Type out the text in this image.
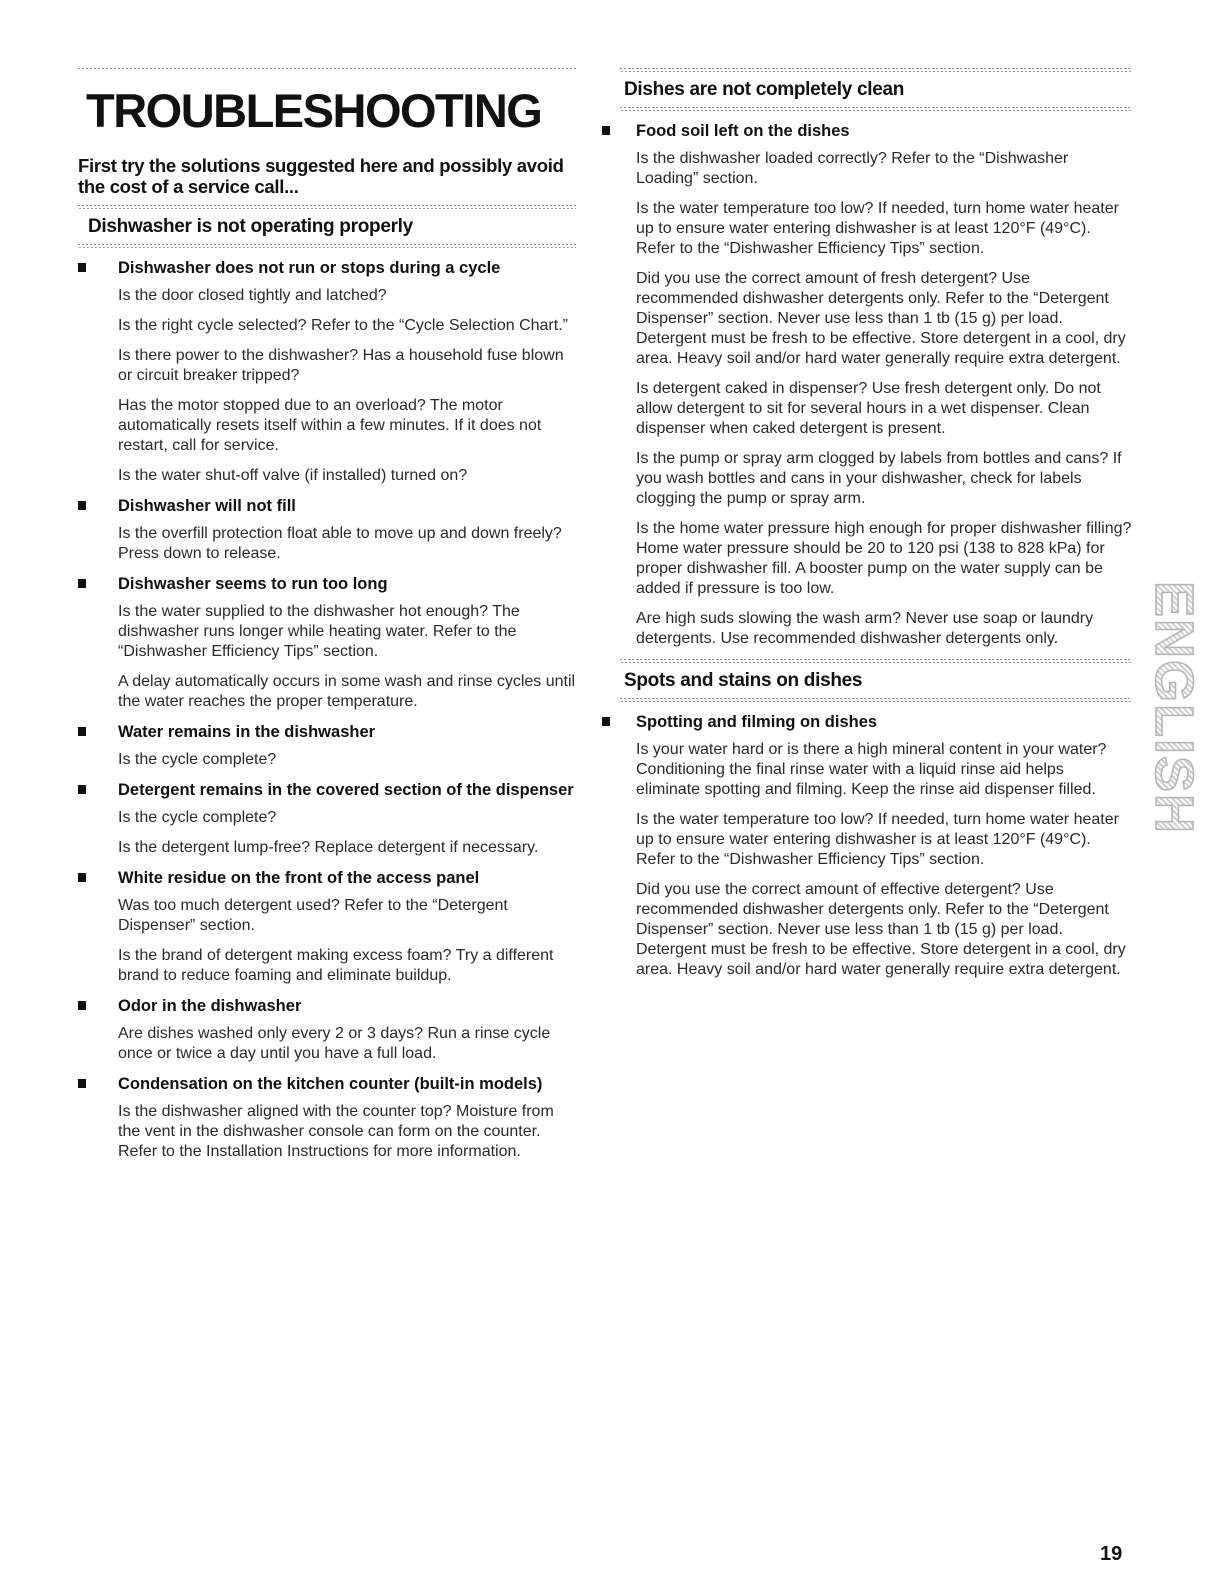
TROUBLESHOOTING
First try the solutions suggested here and possibly avoid the cost of a service call...
Dishwasher is not operating properly
Dishwasher does not run or stops during a cycle

Is the door closed tightly and latched?

Is the right cycle selected? Refer to the “Cycle Selection Chart.”

Is there power to the dishwasher? Has a household fuse blown or circuit breaker tripped?

Has the motor stopped due to an overload? The motor automatically resets itself within a few minutes. If it does not restart, call for service.

Is the water shut-off valve (if installed) turned on?

Dishwasher will not fill

Is the overfill protection float able to move up and down freely? Press down to release.

Dishwasher seems to run too long

Is the water supplied to the dishwasher hot enough? The dishwasher runs longer while heating water. Refer to the “Dishwasher Efficiency Tips” section.

A delay automatically occurs in some wash and rinse cycles until the water reaches the proper temperature.

Water remains in the dishwasher

Is the cycle complete?

Detergent remains in the covered section of the dispenser

Is the cycle complete?

Is the detergent lump-free? Replace detergent if necessary.

White residue on the front of the access panel

Was too much detergent used? Refer to the “Detergent Dispenser” section.

Is the brand of detergent making excess foam? Try a different brand to reduce foaming and eliminate buildup.

Odor in the dishwasher

Are dishes washed only every 2 or 3 days? Run a rinse cycle once or twice a day until you have a full load.

Condensation on the kitchen counter (built-in models)

Is the dishwasher aligned with the counter top? Moisture from the vent in the dishwasher console can form on the counter. Refer to the Installation Instructions for more information.

Dishes are not completely clean
Food soil left on the dishes

Is the dishwasher loaded correctly? Refer to the “Dishwasher Loading” section.

Is the water temperature too low? If needed, turn home water heater up to ensure water entering dishwasher is at least 120°F (49°C). Refer to the “Dishwasher Efficiency Tips” section.

Did you use the correct amount of fresh detergent? Use recommended dishwasher detergents only. Refer to the “Detergent Dispenser” section. Never use less than 1 tb (15 g) per load. Detergent must be fresh to be effective. Store detergent in a cool, dry area. Heavy soil and/or hard water generally require extra detergent.

Is detergent caked in dispenser? Use fresh detergent only. Do not allow detergent to sit for several hours in a wet dispenser. Clean dispenser when caked detergent is present.

Is the pump or spray arm clogged by labels from bottles and cans? If you wash bottles and cans in your dishwasher, check for labels clogging the pump or spray arm.

Is the home water pressure high enough for proper dishwasher filling? Home water pressure should be 20 to 120 psi (138 to 828 kPa) for proper dishwasher fill. A booster pump on the water supply can be added if pressure is too low.

Are high suds slowing the wash arm? Never use soap or laundry detergents. Use recommended dishwasher detergents only.

Spots and stains on dishes
Spotting and filming on dishes

Is your water hard or is there a high mineral content in your water? Conditioning the final rinse water with a liquid rinse aid helps eliminate spotting and filming. Keep the rinse aid dispenser filled.

Is the water temperature too low? If needed, turn home water heater up to ensure water entering dishwasher is at least 120°F (49°C). Refer to the “Dishwasher Efficiency Tips” section.

Did you use the correct amount of effective detergent? Use recommended dishwasher detergents only. Refer to the “Detergent Dispenser” section. Never use less than 1 tb (15 g) per load. Detergent must be fresh to be effective. Store detergent in a cool, dry area. Heavy soil and/or hard water generally require extra detergent.

ENGLISH
19
